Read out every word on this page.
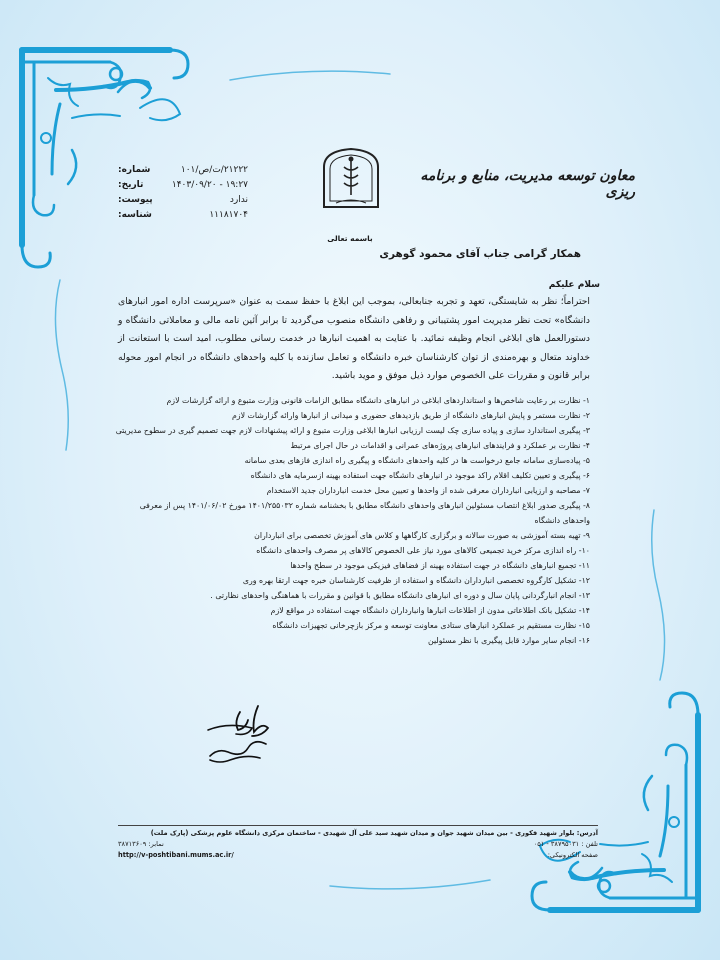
معاون توسعه مدیریت، منابع و برنامه ریزی
شماره:	۲۱۲۲۲/ت/ص/۱۰۱
تاریخ:	۱۹:۲۷ - ۱۴۰۳/۰۹/۲۰
پیوست:	ندارد
شناسه:	۱۱۱۸۱۷۰۴
باسمه تعالی
همکار گرامی جناب آقای محمود گوهری
سلام علیکم
احتراماً؛ نظر به شایستگی، تعهد و تجربه جنابعالی، بموجب این ابلاغ با حفظ سمت به عنوان «سرپرست اداره امور انبارهای دانشگاه» تحت نظر مدیریت امور پشتیبانی و رفاهی دانشگاه منصوب می‌گردید تا برابر آئین نامه مالی و معاملاتی دانشگاه و دستورالعمل های ابلاغی انجام وظیفه نمائید. با عنایت به اهمیت انبارها در خدمت رسانی مطلوب، امید است با استعانت از خداوند متعال و بهره‌مندی از توان کارشناسان خبره دانشگاه و تعامل سازنده با کلیه واحدهای دانشگاه در انجام امور محوله برابر قانون و مقررات علی الخصوص موارد ذیل موفق و موید باشید.
۱- نظارت بر رعایت شاخص‌ها و استانداردهای ابلاغی در انبارهای دانشگاه مطابق الزامات قانونی وزارت متبوع و ارائه گزارشات لازم
۲- نظارت مستمر و پایش انبارهای دانشگاه از طریق بازدیدهای حضوری و میدانی از انبارها وارائه گزارشات لازم
۳- پیگیری استاندارد سازی و پیاده سازی چک لیست ارزیابی انبارها ابلاغی وزارت متبوع و ارائه پیشنهادات لازم جهت تصمیم گیری در سطوح مدیریتی
۴- نظارت بر عملکرد و فرایندهای انبارهای پروژه‌های عمرانی و اقدامات در حال اجرای مرتبط
۵- پیاده‌سازی سامانه جامع درخواست ها در کلیه واحدهای دانشگاه و پیگیری راه اندازی فازهای بعدی سامانه
۶- پیگیری و تعیین تکلیف اقلام راکد موجود در انبارهای دانشگاه جهت استفاده بهینه ازسرمایه های دانشگاه
۷- مصاحبه و ارزیابی انبارداران معرفی شده از واحدها و تعیین محل خدمت انبارداران جدید الاستخدام
۸- پیگیری صدور ابلاغ انتصاب مسئولین انبارهای واحدهای دانشگاه مطابق با بخشنامه شماره ۱۴۰۱/۲۵۵۰۳۲ مورخ ۱۴۰۱/۰۶/۰۲ پس از معرفی واحدهای دانشگاه
۹- تهیه بسته آموزشی به صورت سالانه و برگزاری کارگاهها و کلاس های آموزش تخصصی برای انبارداران
۱۰- راه اندازی مرکز خرید تجمیعی کالاهای مورد نیاز علی الخصوص کالاهای پر مصرف واحدهای دانشگاه
۱۱- تجمیع انبارهای دانشگاه در جهت استفاده بهینه از فضاهای فیزیکی موجود در سطح واحدها
۱۲- تشکیل کارگروه تخصصی انبارداران دانشگاه و استفاده از ظرفیت کارشناسان خبره جهت ارتقا بهره وری
۱۳- انجام انبارگردانی پایان سال و دوره ای انبارهای دانشگاه مطابق با قوانین و مقررات با هماهنگی واحدهای نظارتی .
۱۴- تشکیل بانک اطلاعاتی مدون از اطلاعات انبارها وانبارداران دانشگاه جهت استفاده در مواقع لازم
۱۵- نظارت مستقیم بر عملکرد انبارهای ستادی معاونت توسعه و مرکز بازچرخانی تجهیزات دانشگاه
۱۶- انجام سایر موارد قابل پیگیری با نظر مسئولین
آدرس: بلوار شهید فکوری - بین میدان شهید جوان و میدان شهید سید علی آل شهیدی - ساختمان مرکزی دانشگاه علوم پزشکی (پارک ملت)
تلفن : ۳۸۷۹۵۰۳۱ - ۰۵۱
نمابر: ۳۸۷۱۳۶۰۹
صفحه الکترونیکی:
http://v-poshtibani.mums.ac.ir/
